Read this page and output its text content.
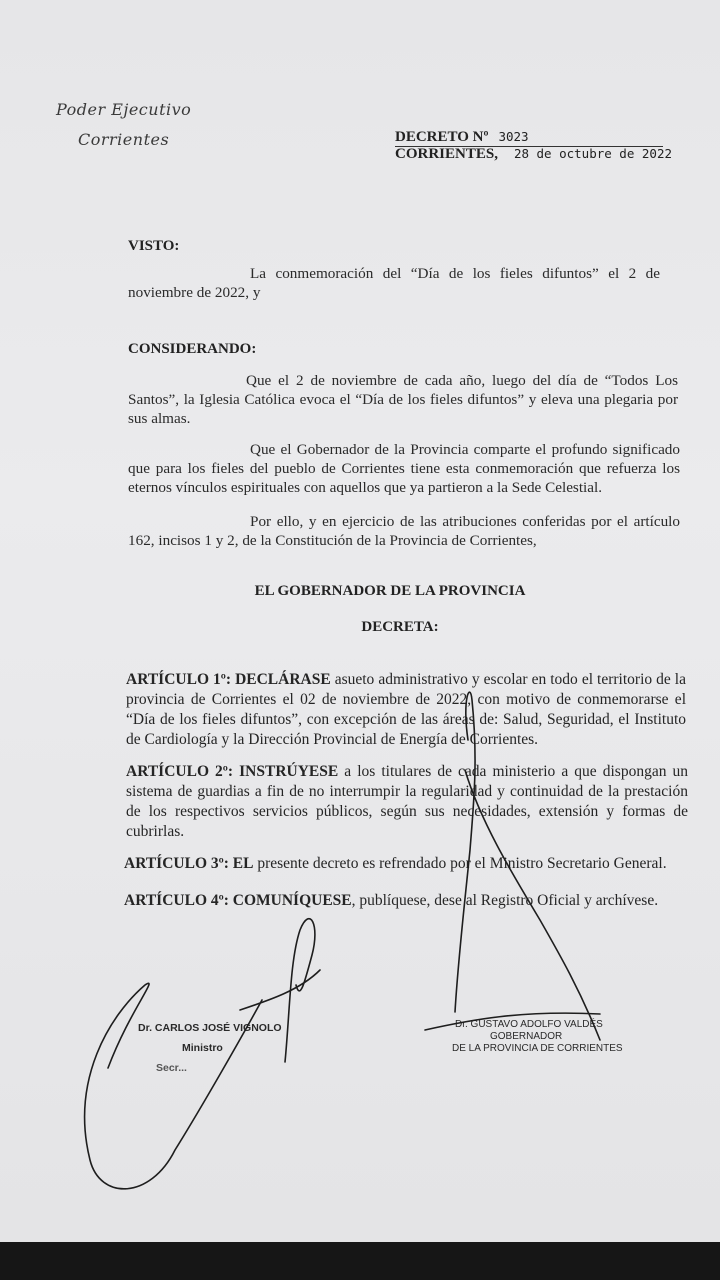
Poder Ejecutivo
Corrientes	DECRETO Nº 3023
CORRIENTES, 28 de octubre de 2022
VISTO:
La conmemoración del “Día de los fieles difuntos” el 2 de noviembre de 2022, y
CONSIDERANDO:
Que el 2 de noviembre de cada año, luego del día de “Todos Los Santos”, la Iglesia Católica evoca el “Día de los fieles difuntos” y eleva una plegaria por sus almas.
Que el Gobernador de la Provincia comparte el profundo significado que para los fieles del pueblo de Corrientes tiene esta conmemoración que refuerza los eternos vínculos espirituales con aquellos que ya partieron a la Sede Celestial.
Por ello, y en ejercicio de las atribuciones conferidas por el artículo 162, incisos 1 y 2, de la Constitución de la Provincia de Corrientes,
EL GOBERNADOR DE LA PROVINCIA
DECRETA:
ARTÍCULO 1º: DECLÁRASE asueto administrativo y escolar en todo el territorio de la provincia de Corrientes el 02 de noviembre de 2022, con motivo de conmemorarse el “Día de los fieles difuntos”, con excepción de las áreas de: Salud, Seguridad, el Instituto de Cardiología y la Dirección Provincial de Energía de Corrientes.
ARTÍCULO 2º: INSTRÚYESE a los titulares de cada ministerio a que dispongan un sistema de guardias a fin de no interrumpir la regularidad y continuidad de la prestación de los respectivos servicios públicos, según sus necesidades, extensión y formas de cubrirlas.
ARTÍCULO 3º: EL presente decreto es refrendado por el Ministro Secretario General.
ARTÍCULO 4º: COMUNÍQUESE, publíquese, dese al Registro Oficial y archívese.
Dr. CARLOS JOSÉ VIGNOLO
Ministro
Secr...
Dr. GUSTAVO ADOLFO VALDÉS
GOBERNADOR
DE LA PROVINCIA DE CORRIENTES
